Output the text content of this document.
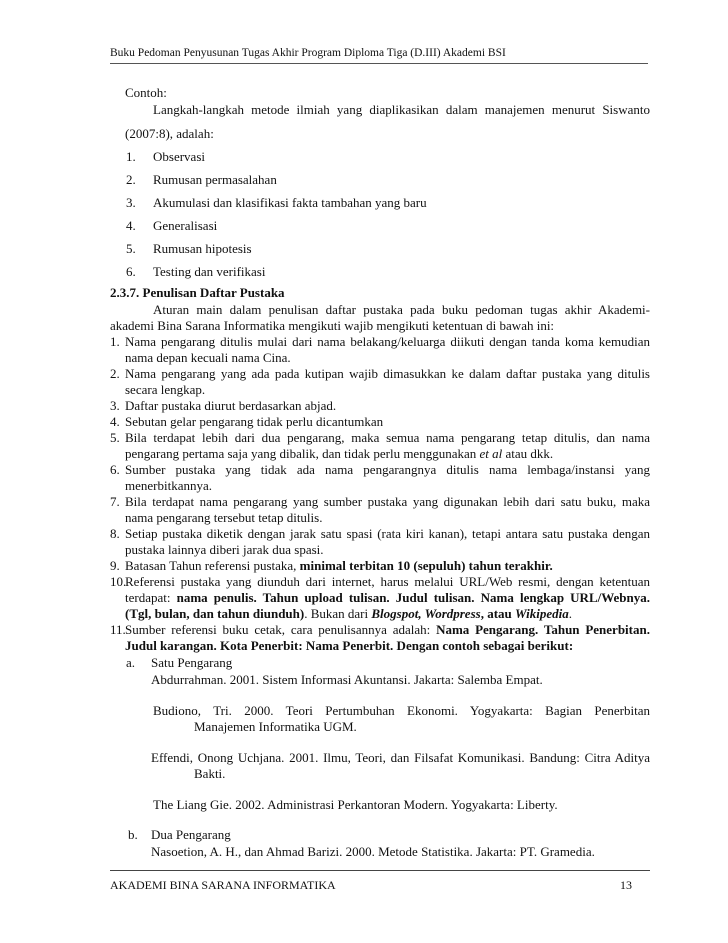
Buku Pedoman Penyusunan Tugas Akhir Program Diploma Tiga (D.III) Akademi BSI
Contoh:
Langkah-langkah metode ilmiah yang diaplikasikan dalam manajemen menurut Siswanto
(2007:8), adalah:
1. Observasi
2. Rumusan permasalahan
3. Akumulasi dan klasifikasi fakta tambahan yang baru
4. Generalisasi
5. Rumusan hipotesis
6. Testing dan verifikasi
2.3.7. Penulisan Daftar Pustaka
Aturan main dalam penulisan daftar pustaka pada buku pedoman tugas akhir Akademi-
akademi Bina Sarana Informatika mengikuti wajib mengikuti ketentuan di bawah ini:
1. Nama pengarang ditulis mulai dari nama belakang/keluarga diikuti dengan tanda koma kemudian
nama depan kecuali nama Cina.
2. Nama pengarang yang ada pada kutipan wajib dimasukkan ke dalam daftar pustaka yang ditulis
secara lengkap.
3. Daftar pustaka diurut berdasarkan abjad.
4. Sebutan gelar pengarang tidak perlu dicantumkan
5. Bila terdapat lebih dari dua pengarang, maka semua nama pengarang tetap ditulis, dan nama
pengarang pertama saja yang dibalik, dan tidak perlu menggunakan et al atau dkk.
6. Sumber pustaka yang tidak ada nama pengarangnya ditulis nama lembaga/instansi yang
menerbitkannya.
7. Bila terdapat nama pengarang yang sumber pustaka yang digunakan lebih dari satu buku, maka
nama pengarang tersebut tetap ditulis.
8. Setiap pustaka diketik dengan jarak satu spasi (rata kiri kanan), tetapi antara satu pustaka dengan
pustaka lainnya diberi jarak dua spasi.
9. Batasan Tahun referensi pustaka, minimal terbitan 10 (sepuluh) tahun terakhir.
10.
Referensi pustaka yang diunduh dari internet, harus melalui URL/Web resmi, dengan ketentuan
terdapat: nama penulis. Tahun upload tulisan. Judul tulisan. Nama lengkap URL/Webnya.
(Tgl, bulan, dan tahun diunduh). Bukan dari Blogspot, Wordpress, atau Wikipedia.
11. Sumber referensi buku cetak, cara penulisannya adalah: Nama Pengarang. Tahun Penerbitan.
Judul karangan. Kota Penerbit: Nama Penerbit. Dengan contoh sebagai berikut:
a. Satu Pengarang
Abdurrahman. 2001. Sistem Informasi Akuntansi. Jakarta: Salemba Empat.
Budiono, Tri. 2000. Teori Pertumbuhan Ekonomi. Yogyakarta: Bagian Penerbitan
Manajemen Informatika UGM.
Effendi, Onong Uchjana. 2001. Ilmu, Teori, dan Filsafat Komunikasi. Bandung: Citra Aditya
Bakti.
The Liang Gie. 2002. Administrasi Perkantoran Modern. Yogyakarta: Liberty.
b. Dua Pengarang
Nasoetion, A. H., dan Ahmad Barizi. 2000. Metode Statistika. Jakarta: PT. Gramedia.
AKADEMI BINA SARANA INFORMATIKA	13
